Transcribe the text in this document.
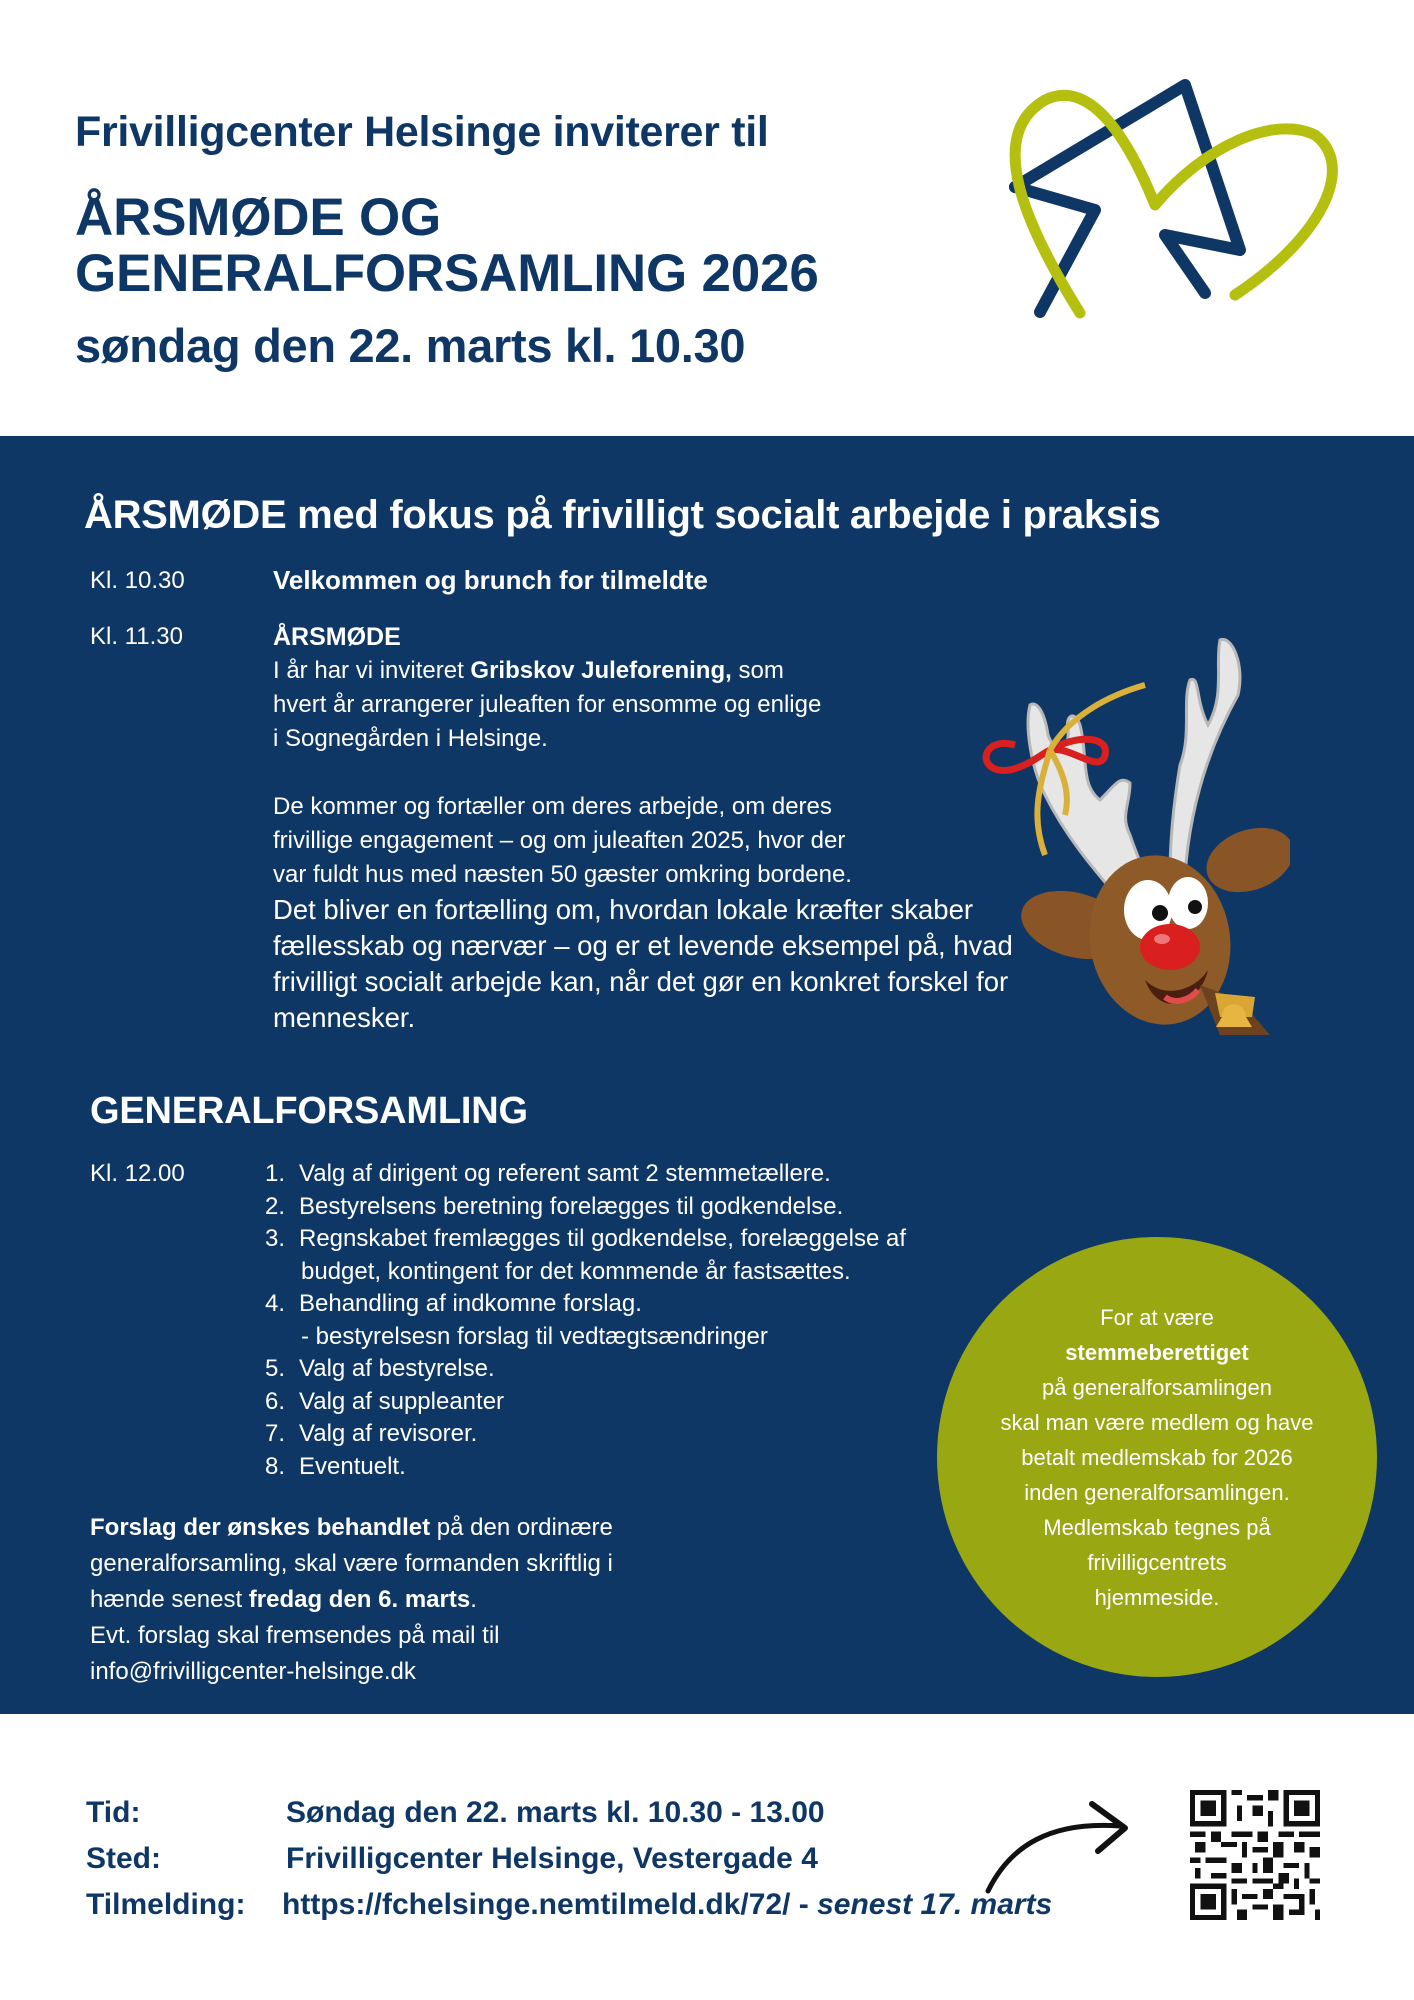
Frivilligcenter Helsinge inviterer til
ÅRSMØDE OG
GENERALFORSAMLING 2026
søndag den 22. marts kl. 10.30
ÅRSMØDE med fokus på frivilligt socialt arbejde i praksis
Kl. 10.30	Velkommen og brunch for tilmeldte
Kl. 11.30	ÅRSMØDE
I år har vi inviteret Gribskov Juleforening, som
hvert år arrangerer juleaften for ensomme og enlige
i Sognegården i Helsinge.
De kommer og fortæller om deres arbejde, om deres
frivillige engagement – og om juleaften 2025, hvor der
var fuldt hus med næsten 50 gæster omkring bordene.
Det bliver en fortælling om, hvordan lokale kræfter skaber
fællesskab og nærvær – og er et levende eksempel på, hvad
frivilligt socialt arbejde kan, når det gør en konkret forskel for
mennesker.
GENERALFORSAMLING
Kl. 12.00	1. Valg af dirigent og referent samt 2 stemmetællere.
2. Bestyrelsens beretning forelægges til godkendelse.
3. Regnskabet fremlægges til godkendelse, forelæggelse af
budget, kontingent for det kommende år fastsættes.
4. Behandling af indkomne forslag.
- bestyrelsesn forslag til vedtægtsændringer
5. Valg af bestyrelse.
6. Valg af suppleanter
7. Valg af revisorer.
8. Eventuelt.
Forslag der ønskes behandlet på den ordinære
generalforsamling, skal være formanden skriftlig i
hænde senest fredag den 6. marts.
Evt. forslag skal fremsendes på mail til
info@frivilligcenter-helsinge.dk
For at være
stemmeberettiget
på generalforsamlingen
skal man være medlem og have
betalt medlemskab for 2026
inden generalforsamlingen.
Medlemskab tegnes på
frivilligcentrets
hjemmeside.
Tid:	Søndag den 22. marts kl. 10.30 - 13.00
Sted:	Frivilligcenter Helsinge, Vestergade 4
Tilmelding:	https://fchelsinge.nemtilmeld.dk/72/ - senest 17. marts
